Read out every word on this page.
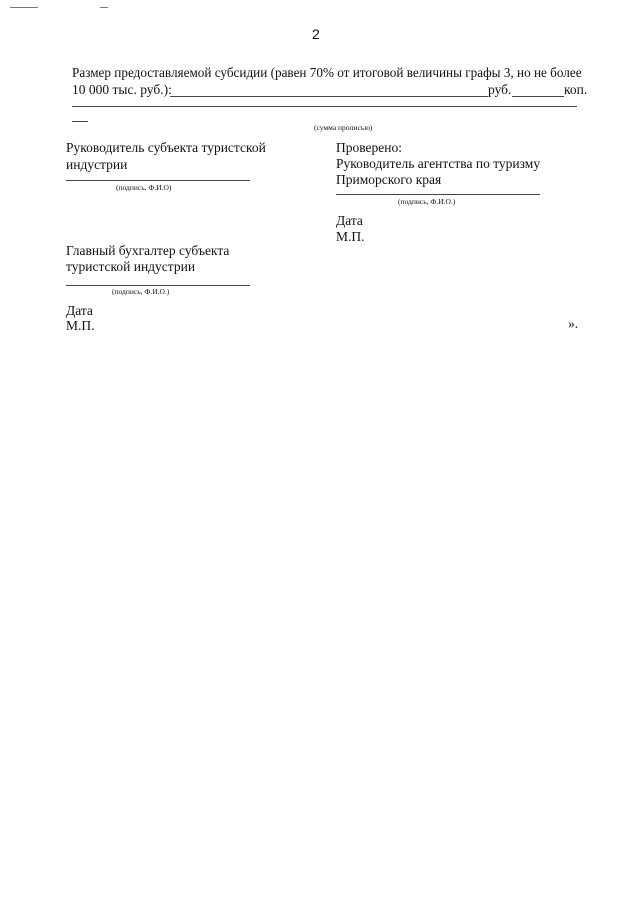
2
Размер предоставляемой субсидии (равен 70% от итоговой величины графы 3, но не более
10 000 тыс. руб.):	руб.	коп.
(сумма прописью)
Руководитель субъекта туристской
индустрии
(подпись, Ф.И.О)
Проверено:
Руководитель агентства по туризму
Приморского края
(подпись, Ф.И.О.)
Дата
М.П.
Главный бухгалтер субъекта
туристской индустрии
(подпись, Ф.И.О.)
Дата
М.П.	».
